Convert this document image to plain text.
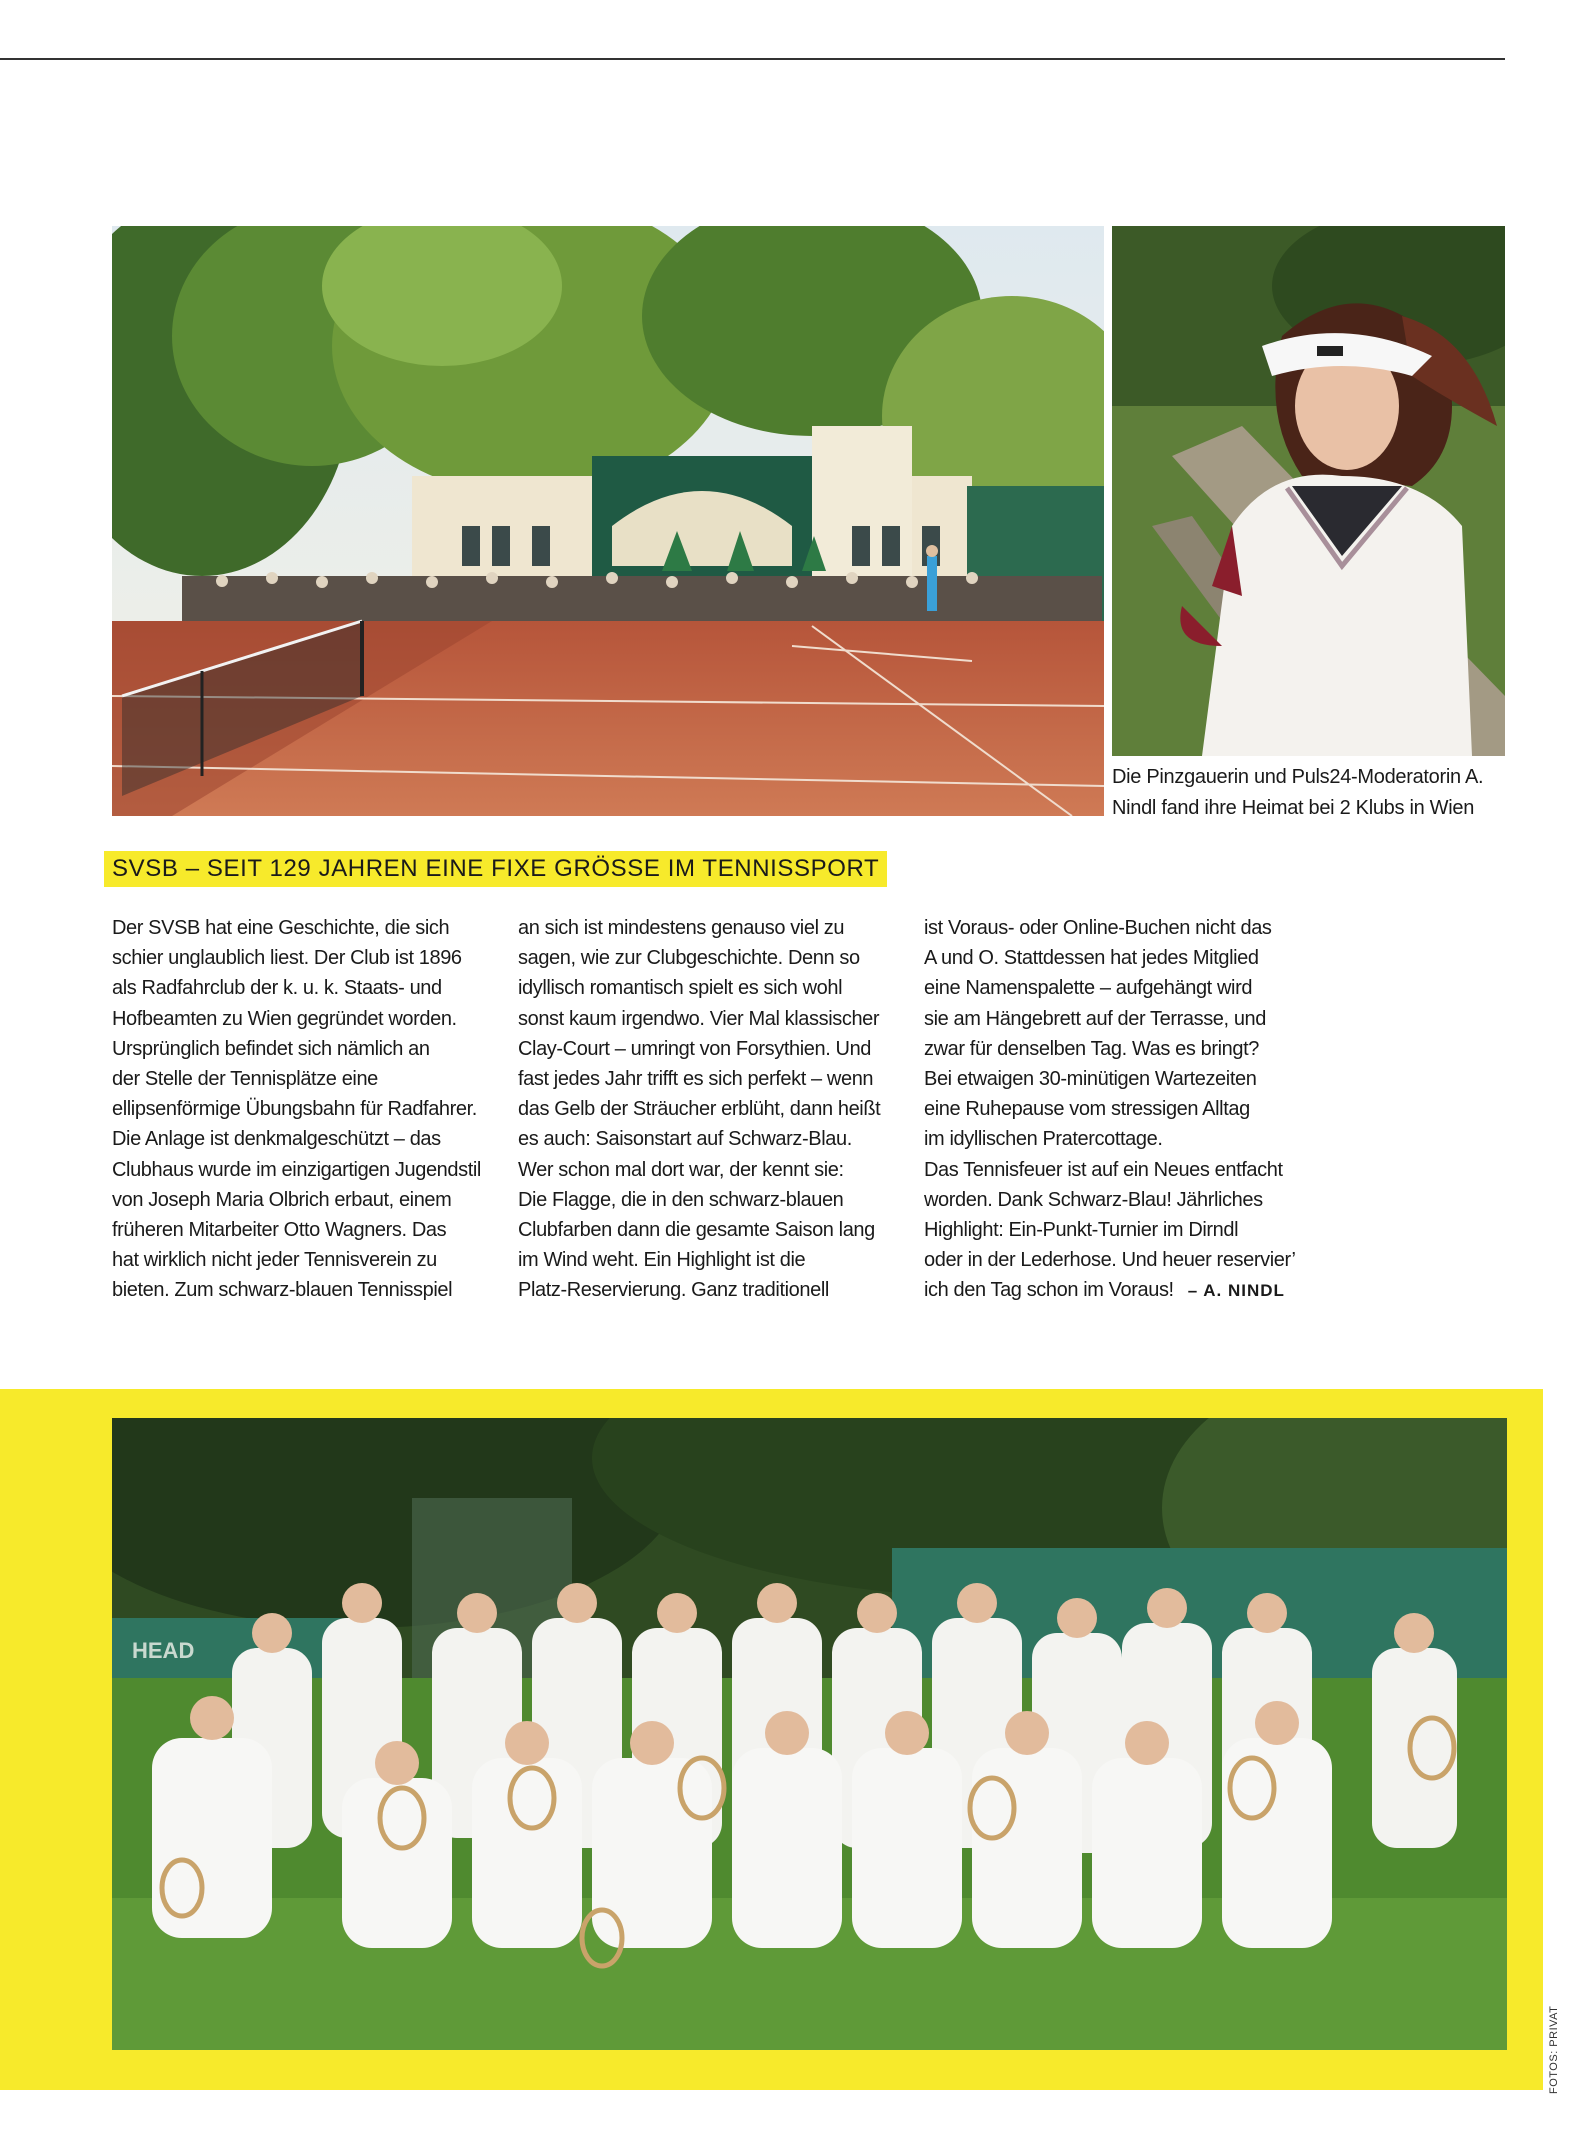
Die Pinzgauerin und Puls24-Moderatorin A.
Nindl fand ihre Heimat bei 2 Klubs in Wien
SVSB – SEIT 129 JAHREN EINE FIXE GRÖSSE IM TENNISSPORT
Der SVSB hat eine Geschichte, die sich
schier unglaublich liest. Der Club ist 1896
als Radfahrclub der k. u. k. Staats- und
Hofbeamten zu Wien gegründet worden.
Ursprünglich befindet sich nämlich an
der Stelle der Tennisplätze eine
ellipsenförmige Übungsbahn für Radfahrer.
Die Anlage ist denkmalgeschützt – das
Clubhaus wurde im einzigartigen Jugendstil
von Joseph Maria Olbrich erbaut, einem
früheren Mitarbeiter Otto Wagners. Das
hat wirklich nicht jeder Tennisverein zu
bieten. Zum schwarz-blauen Tennisspiel
an sich ist mindestens genauso viel zu
sagen, wie zur Clubgeschichte. Denn so
idyllisch romantisch spielt es sich wohl
sonst kaum irgendwo. Vier Mal klassischer
Clay-Court – umringt von Forsythien. Und
fast jedes Jahr trifft es sich perfekt – wenn
das Gelb der Sträucher erblüht, dann heißt
es auch: Saisonstart auf Schwarz-Blau.
Wer schon mal dort war, der kennt sie:
Die Flagge, die in den schwarz-blauen
Clubfarben dann die gesamte Saison lang
im Wind weht. Ein Highlight ist die
Platz-Reservierung. Ganz traditionell
ist Voraus- oder Online-Buchen nicht das
A und O. Stattdessen hat jedes Mitglied
eine Namenspalette – aufgehängt wird
sie am Hängebrett auf der Terrasse, und
zwar für denselben Tag. Was es bringt?
Bei etwaigen 30-minütigen Wartezeiten
eine Ruhepause vom stressigen Alltag
im idyllischen Pratercottage.
Das Tennisfeuer ist auf ein Neues entfacht
worden. Dank Schwarz-Blau! Jährliches
Highlight: Ein-Punkt-Turnier im Dirndl
oder in der Lederhose. Und heuer reservier’
ich den Tag schon im Voraus! – A. NINDL
HEAD
FOTOS: PRIVAT
